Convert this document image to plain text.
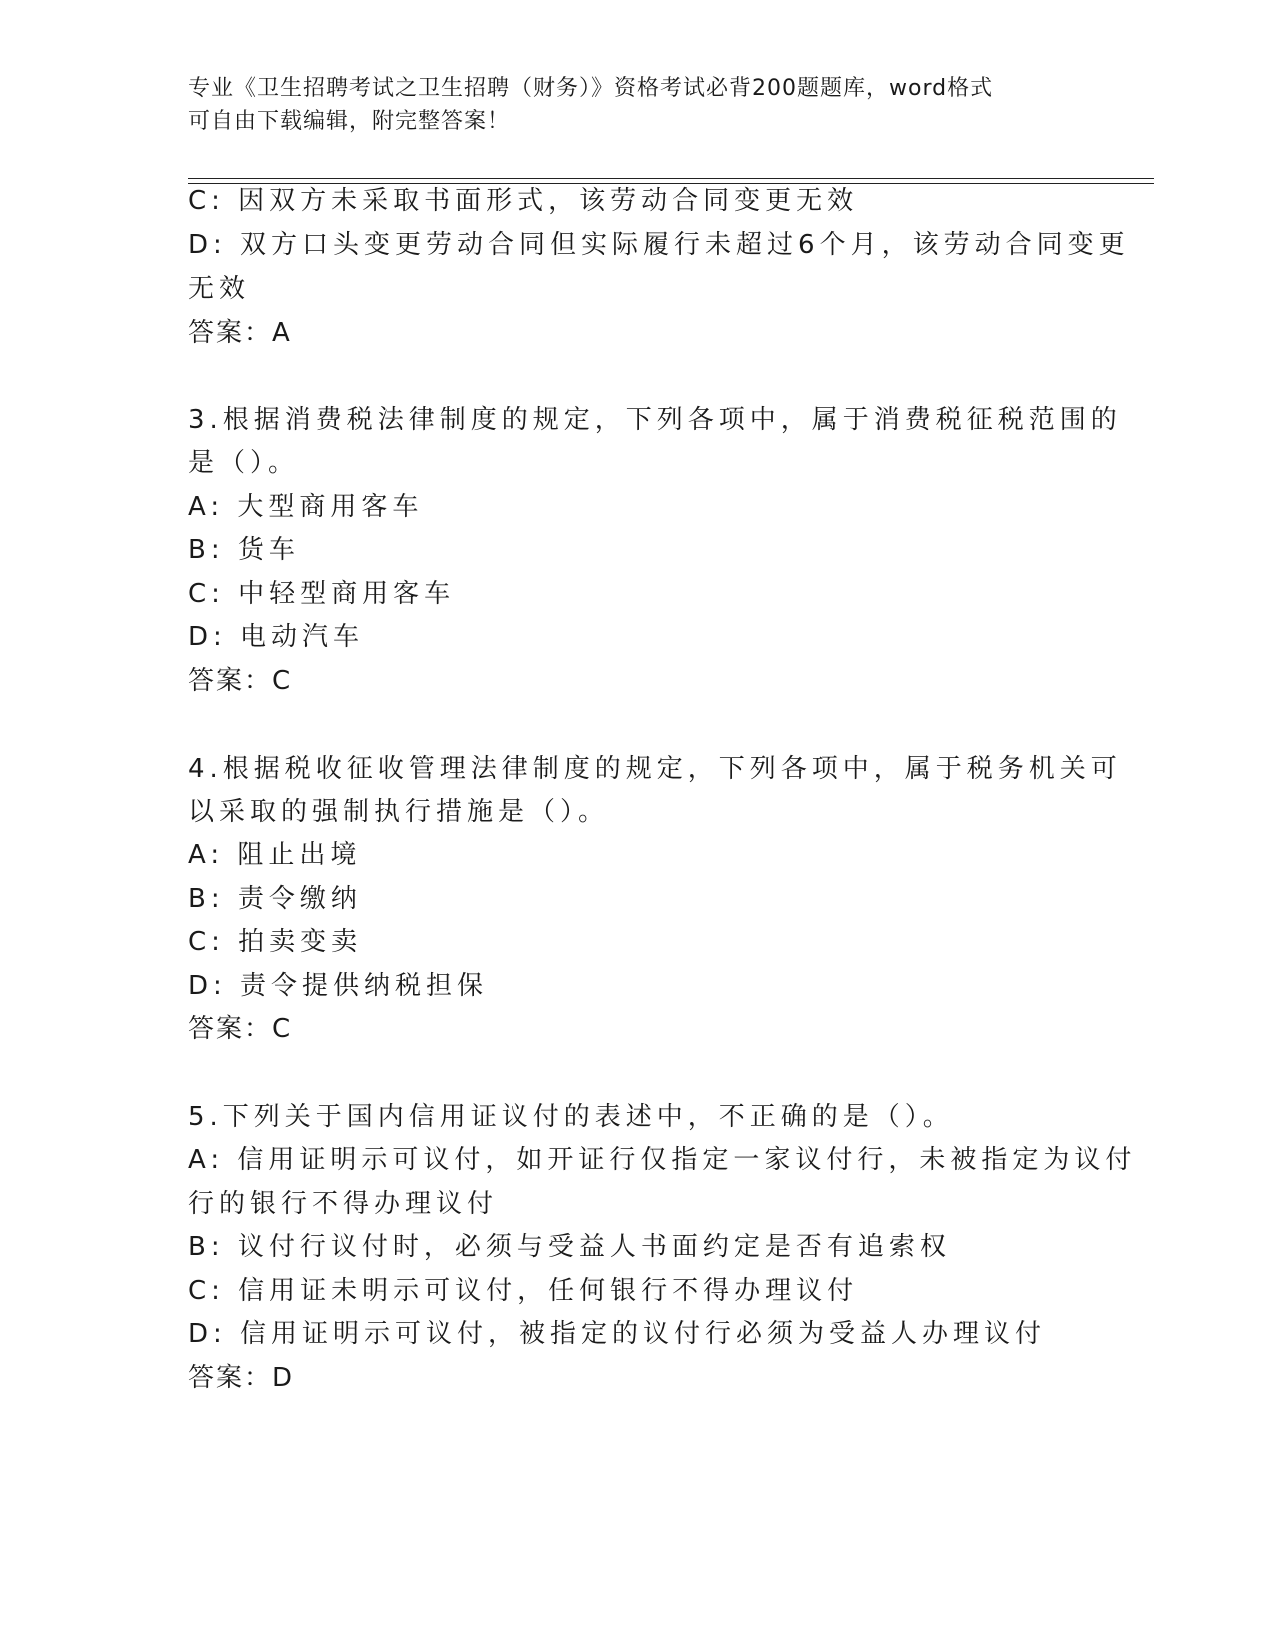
专业《卫生招聘考试之卫生招聘（财务）》资格考试必背200题题库，word格式
可自由下载编辑，附完整答案！
C: 因双方未采取书面形式，该劳动合同变更无效
D: 双方口头变更劳动合同但实际履行未超过6个月，该劳动合同变更
无效
答案：A
3.根据消费税法律制度的规定，下列各项中，属于消费税征税范围的
是（）。
A: 大型商用客车
B: 货车
C: 中轻型商用客车
D: 电动汽车
答案：C
4.根据税收征收管理法律制度的规定，下列各项中，属于税务机关可
以采取的强制执行措施是（）。
A: 阻止出境
B: 责令缴纳
C: 拍卖变卖
D: 责令提供纳税担保
答案：C
5.下列关于国内信用证议付的表述中，不正确的是（）。
A: 信用证明示可议付，如开证行仅指定一家议付行，未被指定为议付
行的银行不得办理议付
B: 议付行议付时，必须与受益人书面约定是否有追索权
C: 信用证未明示可议付，任何银行不得办理议付
D: 信用证明示可议付，被指定的议付行必须为受益人办理议付
答案：D
